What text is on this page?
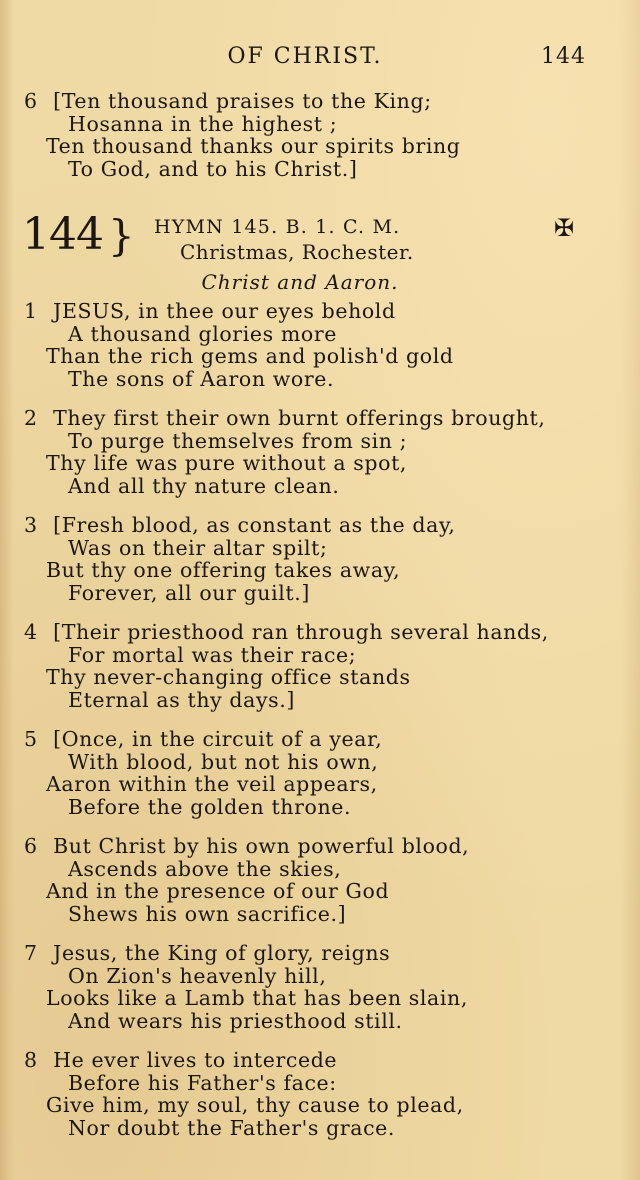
OF CHRIST.	144
6 [Ten thousand praises to the King;
Hosanna in the highest ;
Ten thousand thanks our spirits bring
To God, and to his Christ.]
144 } HYMN 145. B. 1. C. M.
Christmas, Rochester.
✠
Christ and Aaron.
1 JESUS, in thee our eyes behold
A thousand glories more
Than the rich gems and polish'd gold
The sons of Aaron wore.
2 They first their own burnt offerings brought,
To purge themselves from sin ;
Thy life was pure without a spot,
And all thy nature clean.
3 [Fresh blood, as constant as the day,
Was on their altar spilt;
But thy one offering takes away,
Forever, all our guilt.]
4 [Their priesthood ran through several hands,
For mortal was their race;
Thy never-changing office stands
Eternal as thy days.]
5 [Once, in the circuit of a year,
With blood, but not his own,
Aaron within the veil appears,
Before the golden throne.
6 But Christ by his own powerful blood,
Ascends above the skies,
And in the presence of our God
Shews his own sacrifice.]
7 Jesus, the King of glory, reigns
On Zion's heavenly hill,
Looks like a Lamb that has been slain,
And wears his priesthood still.
8 He ever lives to intercede
Before his Father's face:
Give him, my soul, thy cause to plead,
Nor doubt the Father's grace.
